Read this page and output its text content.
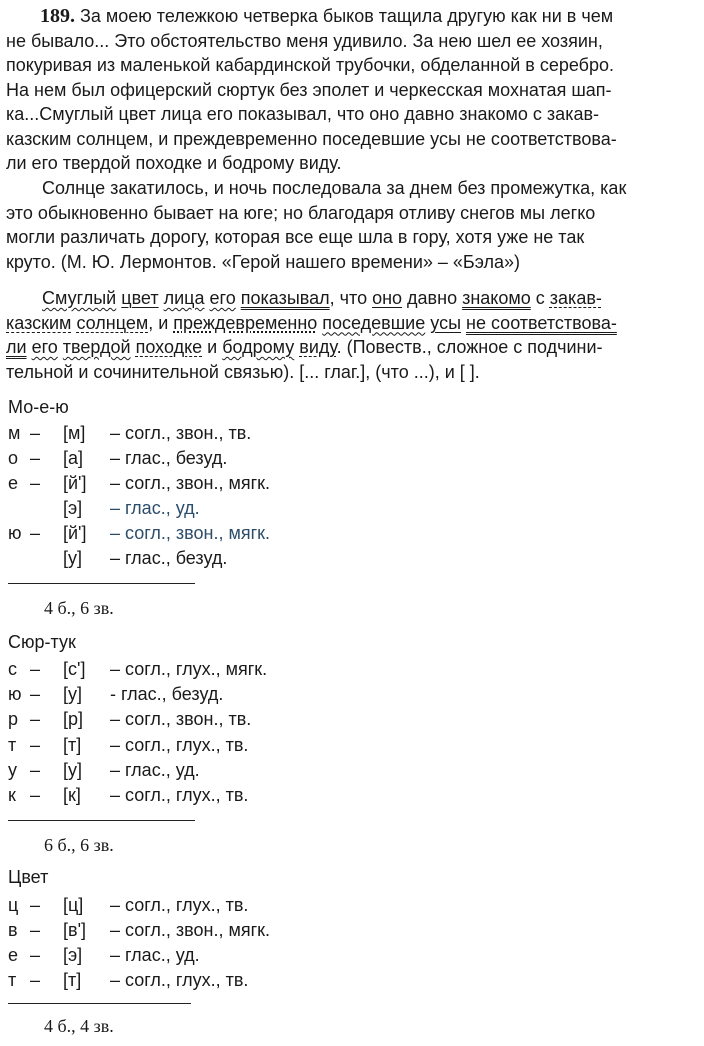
189. За моею тележкою четверка быков тащила другую как ни в чем
не бывало... Это обстоятельство меня удивило. За нею шел ее хозяин,
покуривая из маленькой кабардинской трубочки, обделанной в серебро.
На нем был офицерский сюртук без эполет и черкесская мохнатая шап-
ка...Смуглый цвет лица его показывал, что оно давно знакомо с закав-
казским солнцем, и преждевременно поседевшие усы не соответствова-
ли его твердой походке и бодрому виду.
Солнце закатилось, и ночь последовала за днем без промежутка, как
это обыкновенно бывает на юге; но благодаря отливу снегов мы легко
могли различать дорогу, которая все еще шла в гору, хотя уже не так
круто. (М. Ю. Лермонтов. «Герой нашего времени» – «Бэла»)
Смуглый цвет лица его показывал, что оно давно знакомо с закав-
казским солнцем, и преждевременно поседевшие усы не соответствова-
ли его твердой походке и бодрому виду. (Повеств., сложное с подчини-
тельной и сочинительной связью). [... глаг.], (что ...), и [ ].
Мо-е-ю
м – [м] – согл., звон., тв.
о – [а] – глас., безуд.
е – [й'] – согл., звон., мягк.
[э] – глас., уд.
ю – [й'] – согл., звон., мягк.
[у] – глас., безуд.
4 б., 6 зв.
Сюр-тук
с – [с'] – согл., глух., мягк.
ю – [у] - глас., безуд.
р – [р] – согл., звон., тв.
т – [т] – согл., глух., тв.
у – [у] – глас., уд.
к – [к] – согл., глух., тв.
6 б., 6 зв.
Цвет
ц – [ц] – согл., глух., тв.
в – [в'] – согл., звон., мягк.
е – [э] – глас., уд.
т – [т] – согл., глух., тв.
4 б., 4 зв.
